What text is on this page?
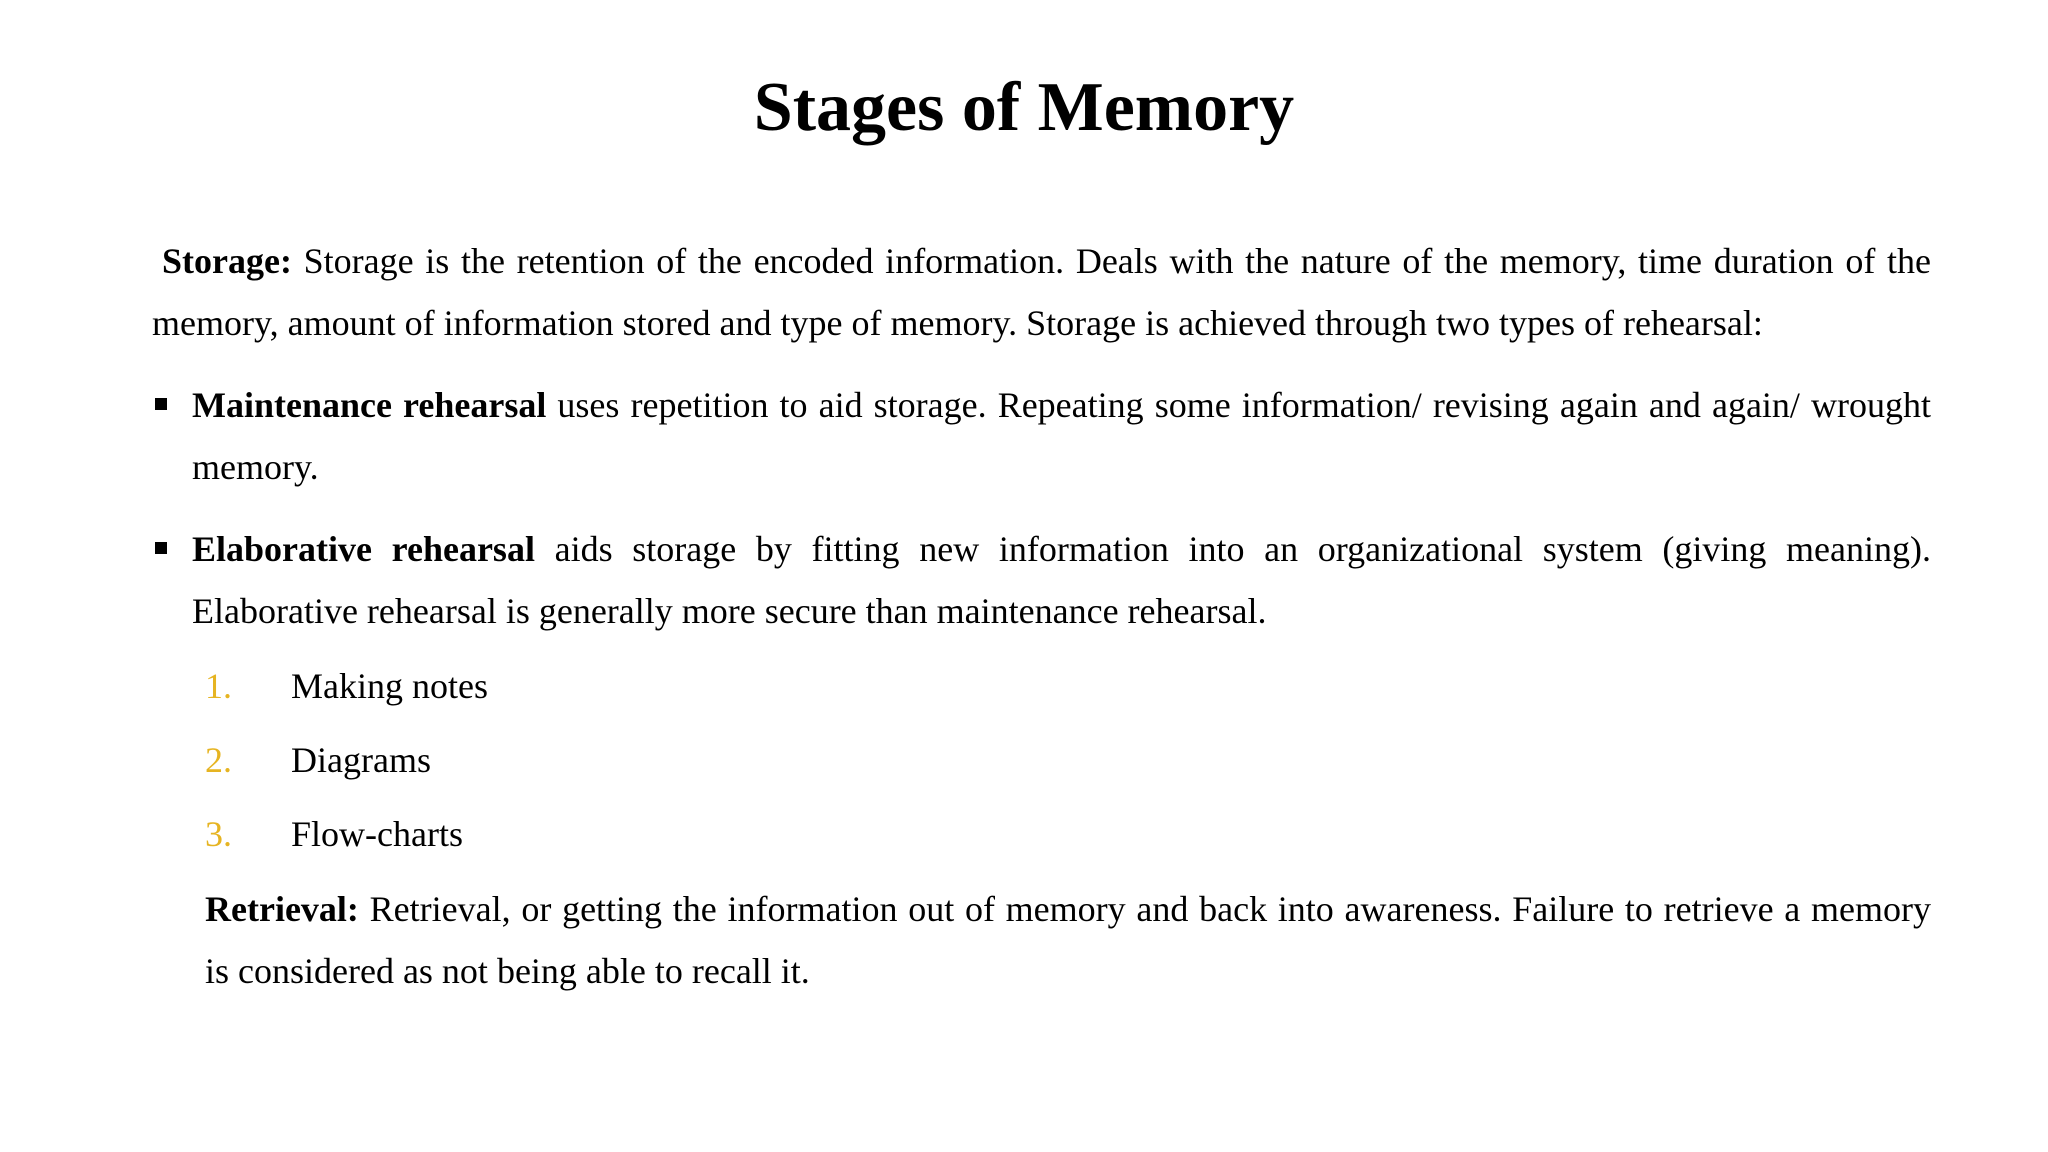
Stages of Memory

Storage: Storage is the retention of the encoded information. Deals with the nature of the memory, time duration of the memory, amount of information stored and type of memory. Storage is achieved through two types of rehearsal:

Maintenance rehearsal uses repetition to aid storage. Repeating some information/ revising again and again/ wrought memory.

Elaborative rehearsal aids storage by fitting new information into an organizational system (giving meaning). Elaborative rehearsal is generally more secure than maintenance rehearsal.

1.	Making notes
2.	Diagrams
3.	Flow-charts

Retrieval: Retrieval, or getting the information out of memory and back into awareness. Failure to retrieve a memory is considered as not being able to recall it.
